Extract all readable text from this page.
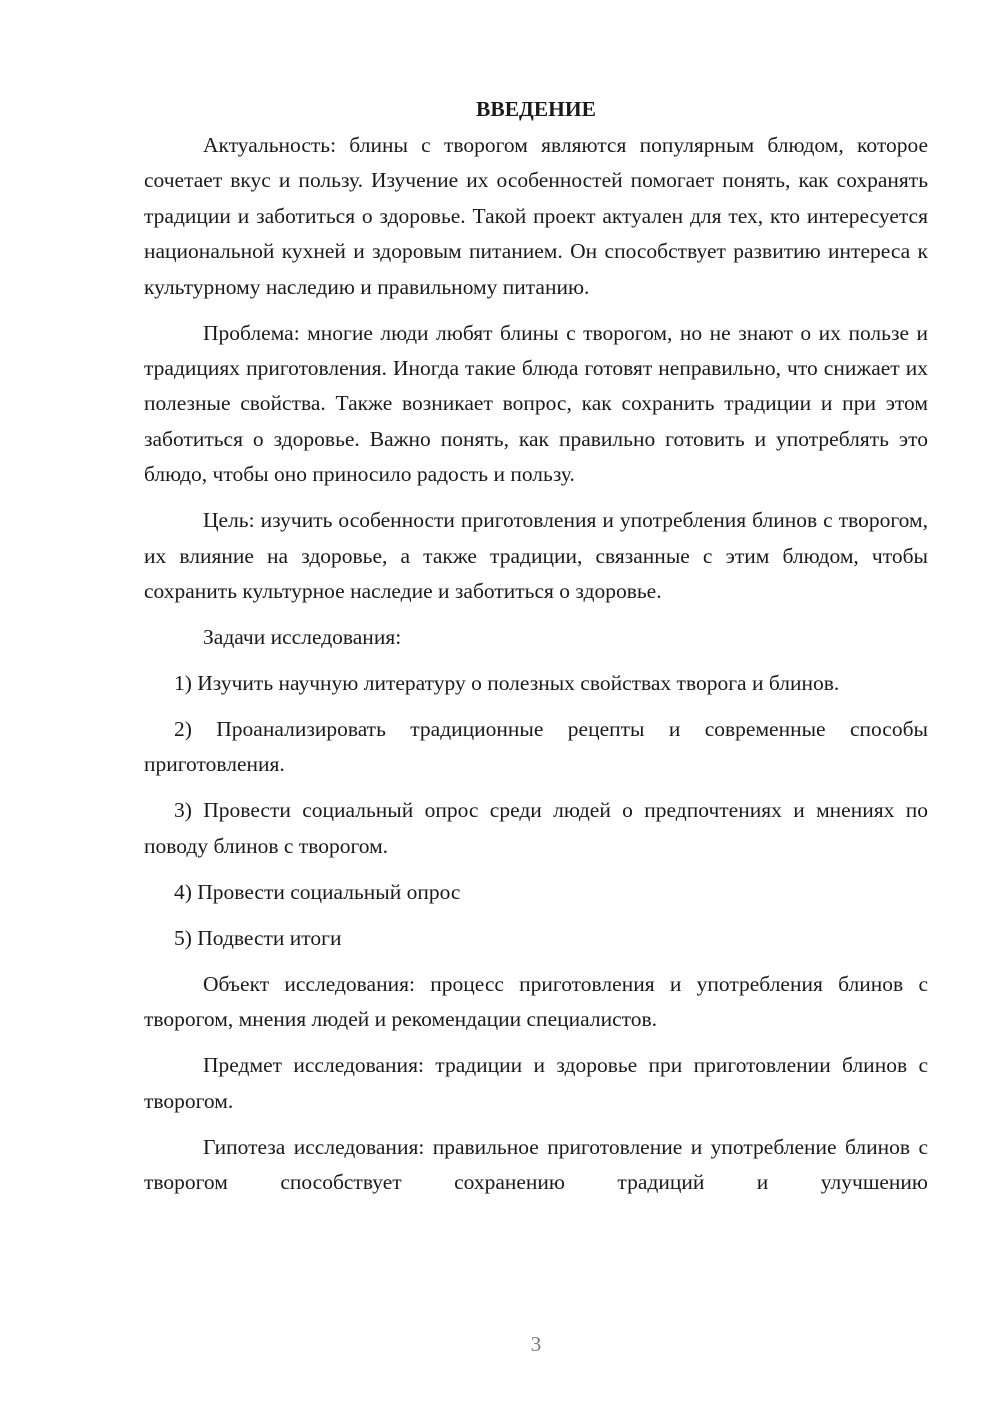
ВВЕДЕНИЕ

Актуальность: блины с творогом являются популярным блюдом, которое сочетает вкус и пользу. Изучение их особенностей помогает понять, как сохранять традиции и заботиться о здоровье. Такой проект актуален для тех, кто интересуется национальной кухней и здоровым питанием. Он способствует развитию интереса к культурному наследию и правильному питанию.

Проблема: многие люди любят блины с творогом, но не знают о их пользе и традициях приготовления. Иногда такие блюда готовят неправильно, что снижает их полезные свойства. Также возникает вопрос, как сохранить традиции и при этом заботиться о здоровье. Важно понять, как правильно готовить и употреблять это блюдо, чтобы оно приносило радость и пользу.

Цель: изучить особенности приготовления и употребления блинов с творогом, их влияние на здоровье, а также традиции, связанные с этим блюдом, чтобы сохранить культурное наследие и заботиться о здоровье.

Задачи исследования:

1) Изучить научную литературу о полезных свойствах творога и блинов.

2) Проанализировать традиционные рецепты и современные способы приготовления.

3) Провести социальный опрос среди людей о предпочтениях и мнениях по поводу блинов с творогом.

4) Провести социальный опрос

5) Подвести итоги

Объект исследования: процесс приготовления и употребления блинов с творогом, мнения людей и рекомендации специалистов.

Предмет исследования: традиции и здоровье при приготовлении блинов с творогом.

Гипотеза исследования: правильное приготовление и употребление блинов с творогом способствует сохранению традиций и улучшению

3
